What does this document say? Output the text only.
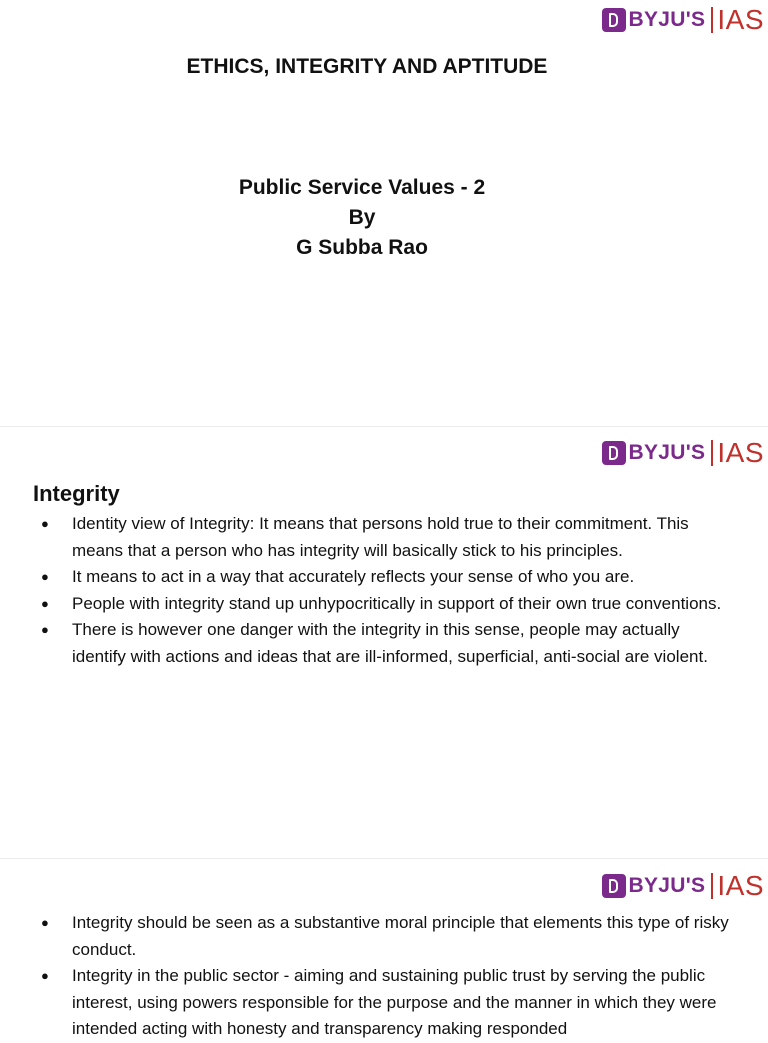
BYJU'S IAS
ETHICS, INTEGRITY AND APTITUDE
Public Service Values - 2
By
G Subba Rao
BYJU'S IAS
Integrity
● Identity view of Integrity: It means that persons hold true to their commitment. This means that a person who has integrity will basically stick to his principles.
● It means to act in a way that accurately reflects your sense of who you are.
● People with integrity stand up unhypocritically in support of their own true conventions.
● There is however one danger with the integrity in this sense, people may actually identify with actions and ideas that are ill-informed, superficial, anti-social are violent.
BYJU'S IAS
● Integrity should be seen as a substantive moral principle that elements this type of risky conduct.
● Integrity in the public sector - aiming and sustaining public trust by serving the public interest, using powers responsible for the purpose and the manner in which they were intended acting with honesty and transparency making responded
